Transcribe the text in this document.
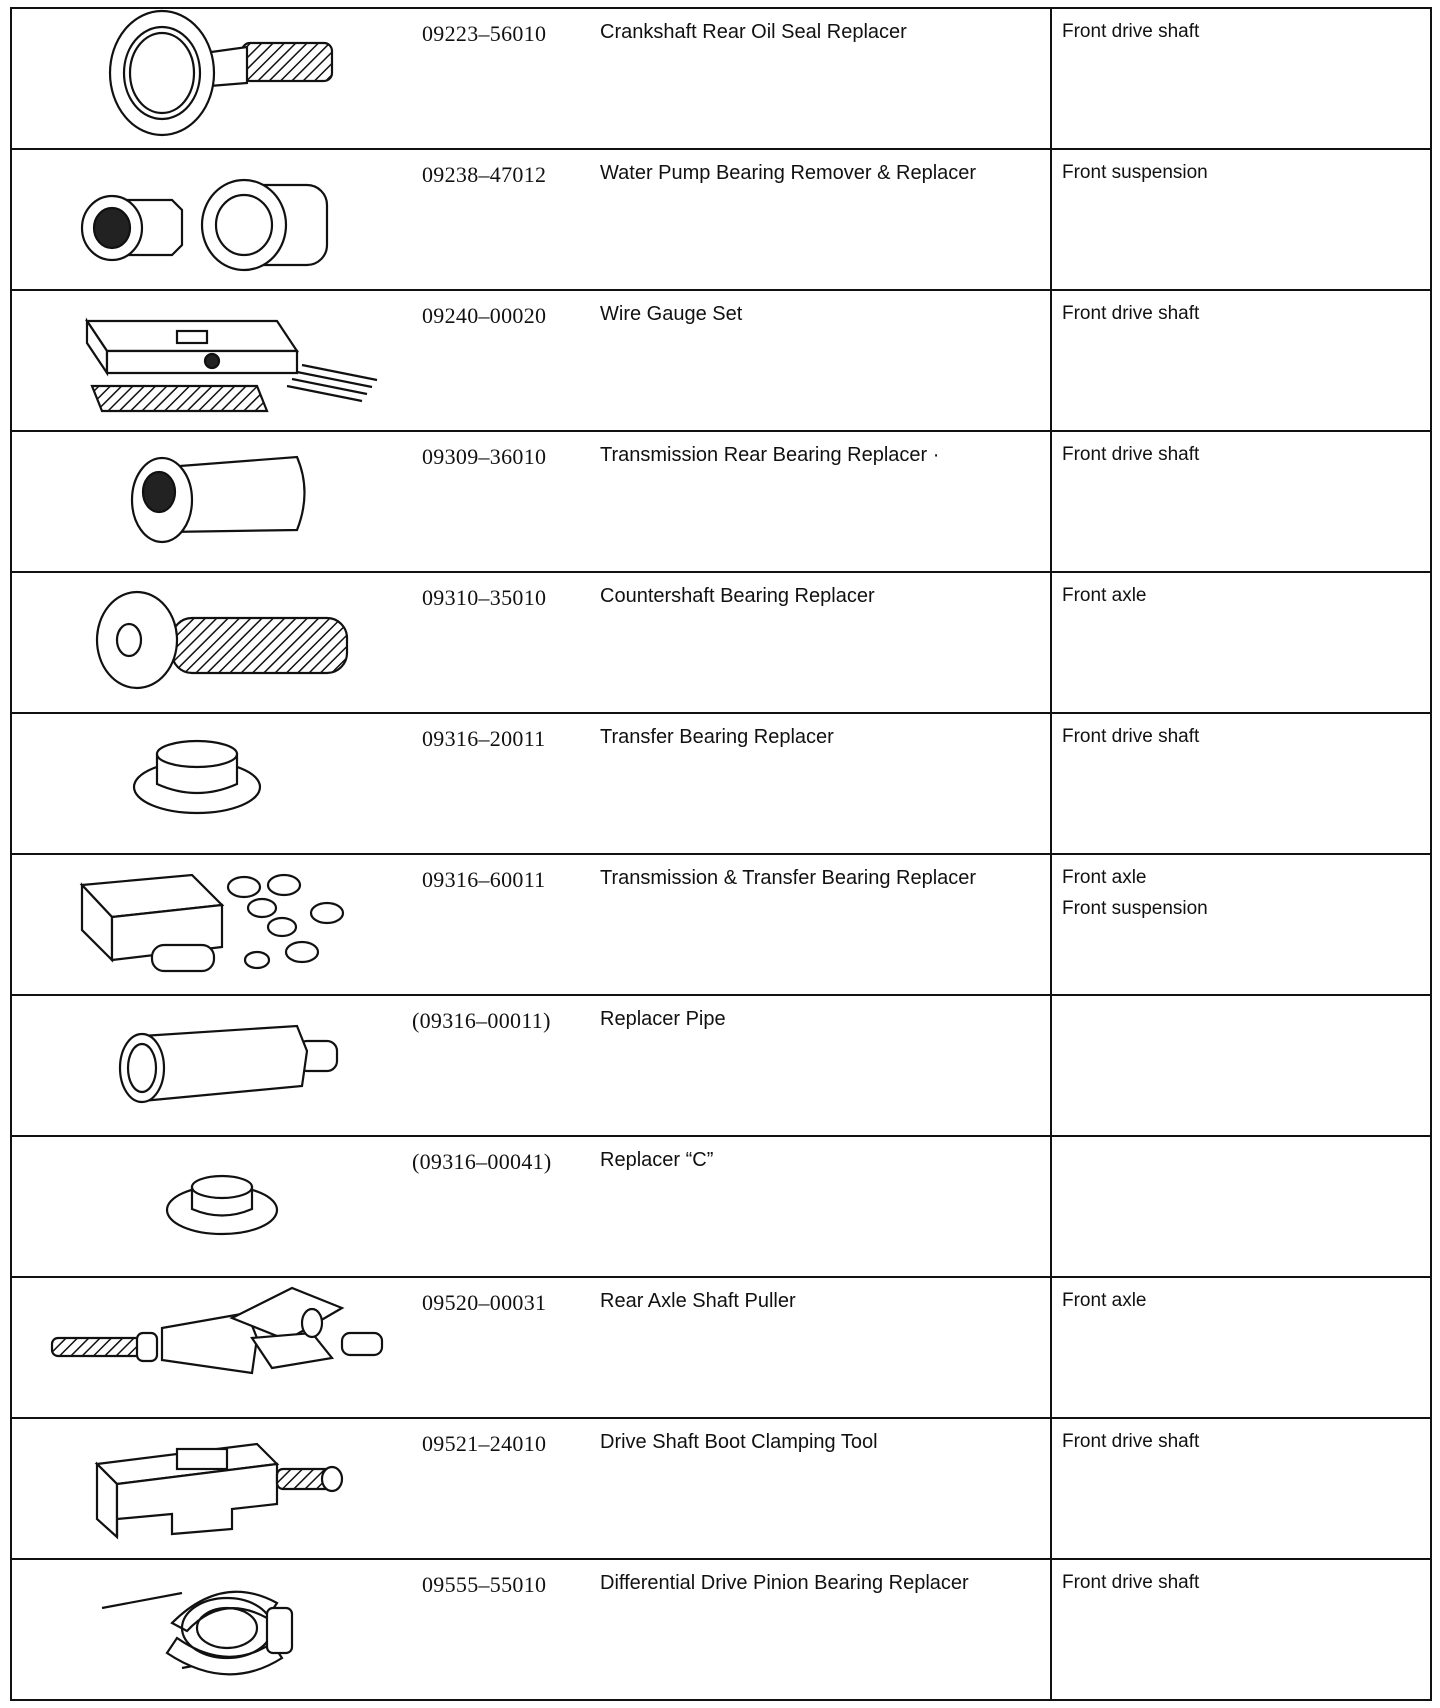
09223–56010	Crankshaft Rear Oil Seal Replacer	Front drive shaft

09238–47012	Water Pump Bearing Remover & Replacer	Front suspension

09240–00020	Wire Gauge Set	Front drive shaft

09309–36010	Transmission Rear Bearing Replacer ·	Front drive shaft

09310–35010	Countershaft Bearing Replacer	Front axle

09316–20011	Transfer Bearing Replacer	Front drive shaft

09316–60011	Transmission & Transfer Bearing Replacer	Front axle
Front suspension

(09316–00011)	Replacer Pipe	

(09316–00041)	Replacer “C”	

09520–00031	Rear Axle Shaft Puller	Front axle

09521–24010	Drive Shaft Boot Clamping Tool	Front drive shaft

09555–55010	Differential Drive Pinion Bearing Replacer	Front drive shaft
